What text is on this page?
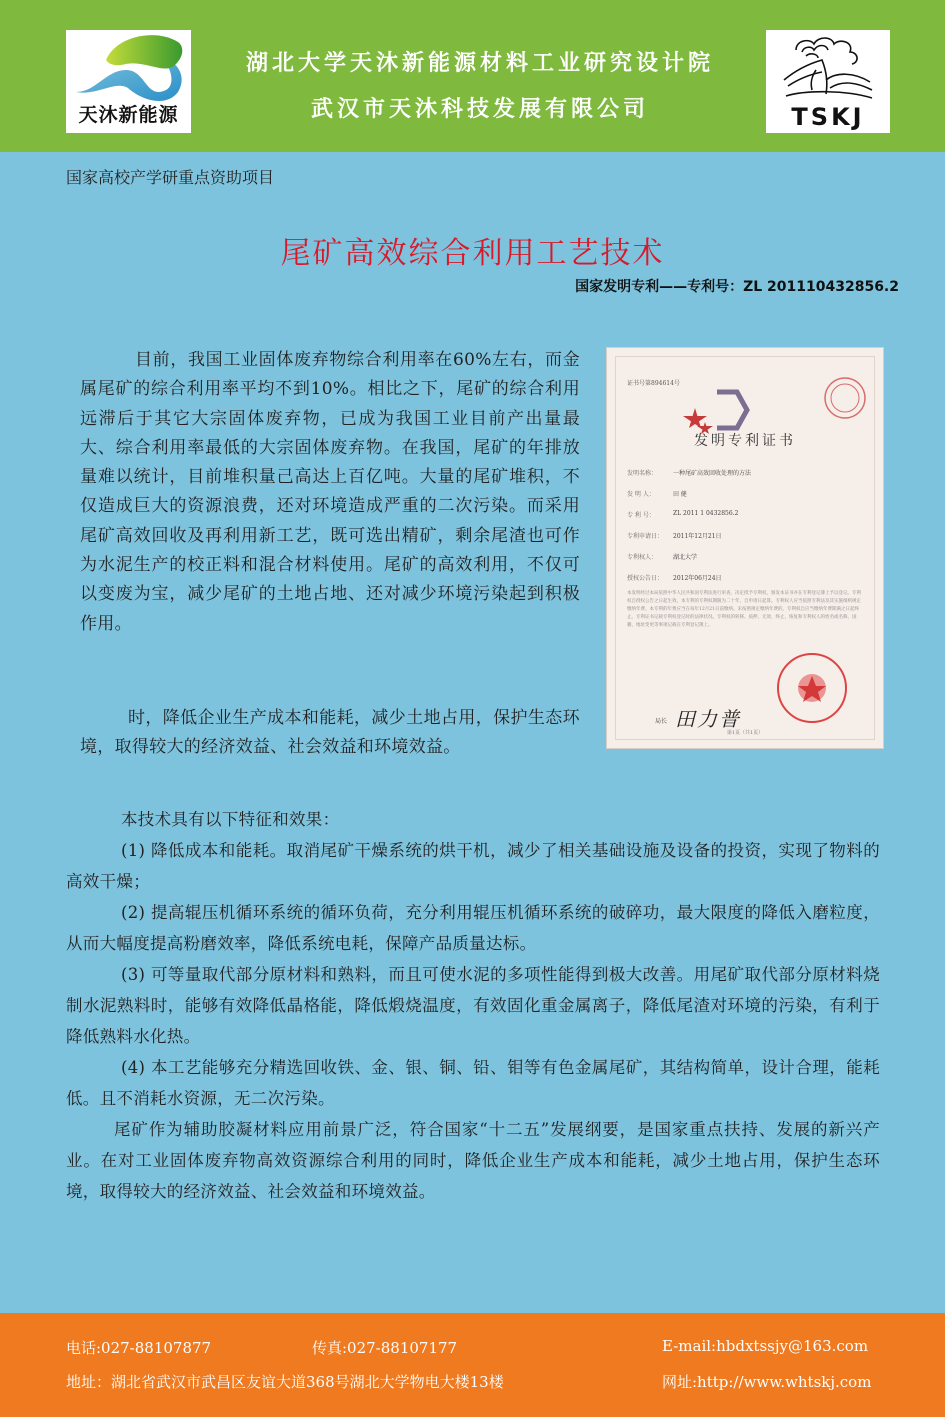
天沐新能源
湖北大学天沐新能源材料工业研究设计院
武汉市天沐科技发展有限公司	TSKJ
国家高校产学研重点资助项目
尾矿高效综合利用工艺技术
国家发明专利——专利号：ZL 201110432856.2

目前，我国工业固体废弃物综合利用率在60%左右，而金属尾矿的综合利用率平均不到10%。相比之下，尾矿的综合利用远滞后于其它大宗固体废弃物，已成为我国工业目前产出量最大、综合利用率最低的大宗固体废弃物。在我国，尾矿的年排放量难以统计，目前堆积量己高达上百亿吨。大量的尾矿堆积，不仅造成巨大的资源浪费，还对环境造成严重的二次污染。而采用尾矿高效回收及再利用新工艺，既可选出精矿，剩余尾渣也可作为水泥生产的校正料和混合材料使用。尾矿的高效利用，不仅可以变废为宝，减少尾矿的土地占地、还对减少环境污染起到积极作用。

时，降低企业生产成本和能耗，减少土地占用，保护生态环境，取得较大的经济效益、社会效益和环境效益。

证书号第894614号
发明专利证书
发明名称：	一种尾矿高效回收处理的方法
发 明 人：	田 健
专 利 号：	ZL 2011 1 0432856.2
专利申请日： 2011年12月21日
专利权人：	湖北大学
授权公告日： 2012年06月24日
本发明经过本局依照中华人民共和国专利法进行审查，决定授予专利权，颁发本证书并在专利登记簿上予以登记。专利权自授权公告之日起生效。本专利的专利权期限为二十年，自申请日起算。专利权人应当依照专利法及其实施细则规定缴纳年费。本专利的年费应当在每年12月21日前缴纳。未按照规定缴纳年费的，专利权自应当缴纳年费期满之日起终止。专利证书记载专利权登记时的法律状况。专利权的转移、质押、无效、终止、恢复和专利权人的姓名或名称、国籍、地址变更等事项记载在专利登记簿上。
局长 田力普
第1页（共1页）

本技术具有以下特征和效果：

(1) 降低成本和能耗。取消尾矿干燥系统的烘干机，减少了相关基础设施及设备的投资，实现了物料的高效干燥；

(2) 提高辊压机循环系统的循环负荷，充分利用辊压机循环系统的破碎功，最大限度的降低入磨粒度，从而大幅度提高粉磨效率，降低系统电耗，保障产品质量达标。

(3) 可等量取代部分原材料和熟料，而且可使水泥的多项性能得到极大改善。用尾矿取代部分原材料烧制水泥熟料时，能够有效降低晶格能，降低煅烧温度，有效固化重金属离子，降低尾渣对环境的污染，有利于降低熟料水化热。

(4) 本工艺能够充分精选回收铁、金、银、铜、铅、钼等有色金属尾矿，其结构简单，设计合理，能耗低。且不消耗水资源，无二次污染。

尾矿作为辅助胶凝材料应用前景广泛，符合国家“十二五”发展纲要，是国家重点扶持、发展的新兴产业。在对工业固体废弃物高效资源综合利用的同时，降低企业生产成本和能耗，减少土地占用，保护生态环境，取得较大的经济效益、社会效益和环境效益。

电话:027-88107877	传真:027-88107177	E-mail:hbdxtssjy@163.com
地址：湖北省武汉市武昌区友谊大道368号湖北大学物电大楼13楼	网址:http://www.whtskj.com
